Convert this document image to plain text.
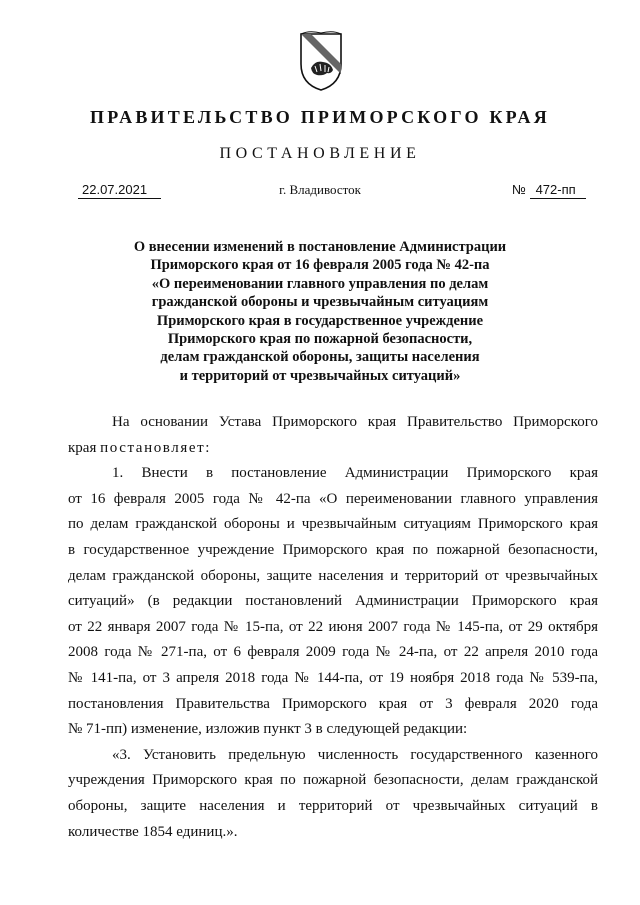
ПРАВИТЕЛЬСТВО ПРИМОРСКОГО КРАЯ
ПОСТАНОВЛЕНИЕ
22.07.2021	г. Владивосток	№ 472-пп
О внесении изменений в постановление Администрации
Приморского края от 16 февраля 2005 года № 42-па
«О переименовании главного управления по делам
гражданской обороны и чрезвычайным ситуациям
Приморского края в государственное учреждение
Приморского края по пожарной безопасности,
делам гражданской обороны, защиты населения
и территорий от чрезвычайных ситуаций»
На основании Устава Приморского края Правительство Приморского
края постановляет:
1. Внести в постановление Администрации Приморского края
от 16 февраля 2005 года № 42-па «О переименовании главного управления
по делам гражданской обороны и чрезвычайным ситуациям Приморского края
в государственное учреждение Приморского края по пожарной безопасности,
делам гражданской обороны, защите населения и территорий от чрезвычайных
ситуаций» (в редакции постановлений Администрации Приморского края
от 22 января 2007 года № 15-па, от 22 июня 2007 года № 145-па, от 29 октября
2008 года № 271-па, от 6 февраля 2009 года № 24-па, от 22 апреля 2010 года
№ 141-па, от 3 апреля 2018 года № 144-па, от 19 ноября 2018 года № 539-па,
постановления Правительства Приморского края от 3 февраля 2020 года
№ 71-пп) изменение, изложив пункт 3 в следующей редакции:
«3. Установить предельную численность государственного казенного
учреждения Приморского края по пожарной безопасности, делам гражданской
обороны, защите населения и территорий от чрезвычайных ситуаций в
количестве 1854 единиц.».
